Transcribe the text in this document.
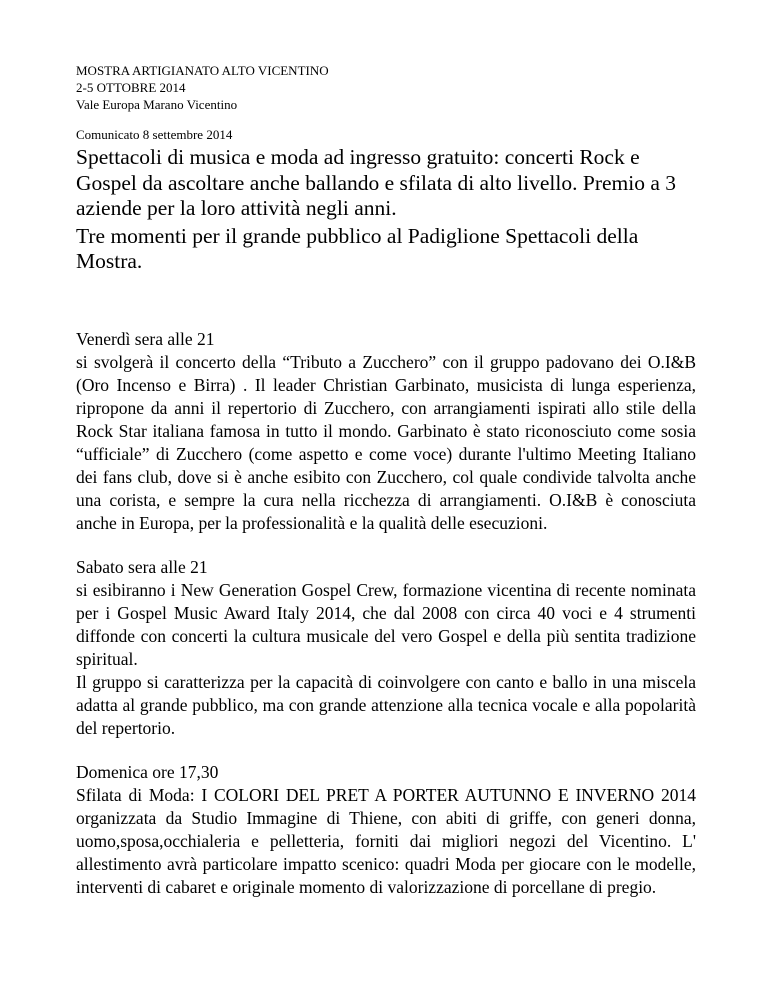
MOSTRA ARTIGIANATO ALTO VICENTINO

2-5 OTTOBRE 2014

Vale Europa Marano Vicentino

Comunicato 8 settembre 2014

Spettacoli di musica e moda ad ingresso gratuito: concerti Rock e Gospel da ascoltare anche ballando e sfilata di alto livello. Premio a 3 aziende per la loro attività negli anni.

Tre momenti per il grande pubblico al Padiglione Spettacoli della Mostra.

Venerdì sera alle 21

si svolgerà il concerto della “Tributo a Zucchero” con il gruppo padovano dei O.I&B (Oro Incenso e Birra) . Il leader Christian Garbinato, musicista di lunga esperienza, ripropone da anni il repertorio di Zucchero, con arrangiamenti ispirati allo stile della Rock Star italiana famosa in tutto il mondo. Garbinato è stato riconosciuto come sosia “ufficiale” di Zucchero (come aspetto e come voce) durante l'ultimo Meeting Italiano dei fans club, dove si è anche esibito con Zucchero, col quale condivide talvolta anche una corista, e sempre la cura nella ricchezza di arrangiamenti. O.I&B è conosciuta anche in Europa, per la professionalità e la qualità delle esecuzioni.

Sabato sera alle 21

si esibiranno i New Generation Gospel Crew, formazione vicentina di recente nominata per i Gospel Music Award Italy 2014, che dal 2008 con circa 40 voci e 4 strumenti diffonde con concerti la cultura musicale del vero Gospel e della più sentita tradizione spiritual.

Il gruppo si caratterizza per la capacità di coinvolgere con canto e ballo in una miscela adatta al grande pubblico, ma con grande attenzione alla tecnica vocale e alla popolarità del repertorio.

Domenica ore 17,30

Sfilata di Moda: I COLORI DEL PRET A PORTER AUTUNNO E INVERNO 2014 organizzata da Studio Immagine di Thiene, con abiti di griffe, con generi donna, uomo,sposa,occhialeria e pelletteria, forniti dai migliori negozi del Vicentino. L' allestimento avrà particolare impatto scenico: quadri Moda per giocare con le modelle, interventi di cabaret e originale momento di valorizzazione di porcellane di pregio.
